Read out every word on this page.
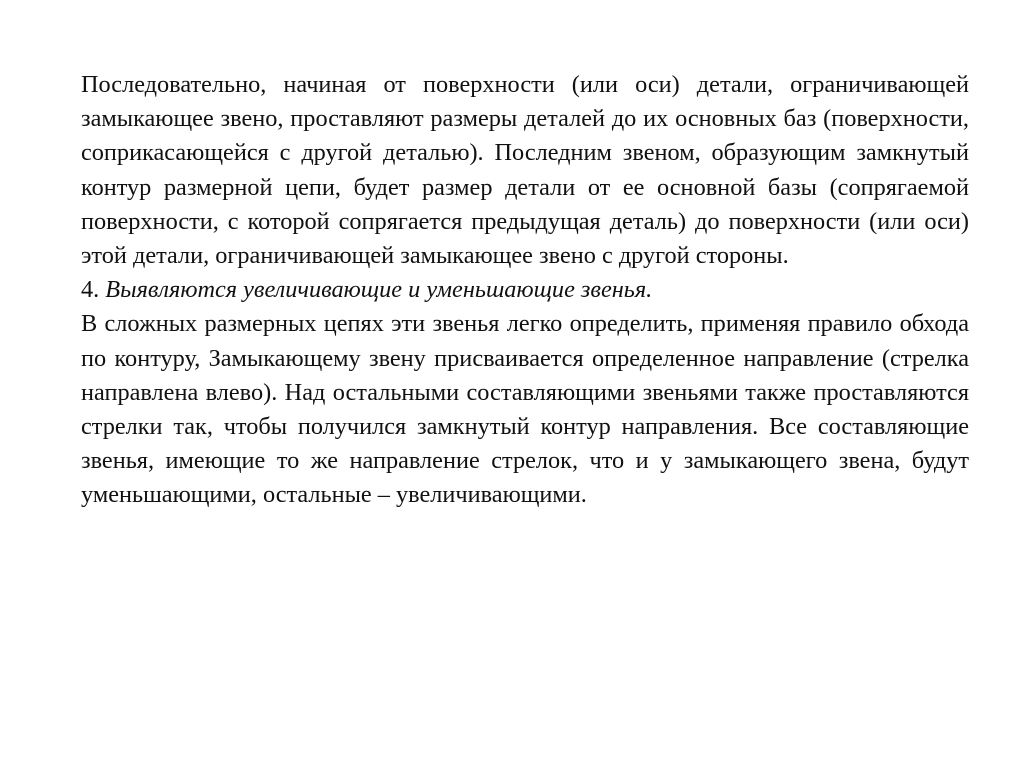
Последовательно, начиная от поверхности (или оси) детали, ограничивающей замыкающее звено, проставляют размеры деталей до их основных баз (поверхности, соприкасающейся с другой деталью). Последним звеном, образующим замкнутый контур размерной цепи, будет размер детали от ее основной базы (сопрягаемой поверхности, с которой сопрягается предыдущая деталь) до поверхности (или оси) этой детали, ограничивающей замыкающее звено с другой стороны.

4. Выявляются увеличивающие и уменьшающие звенья.

В сложных размерных цепях эти звенья легко определить, применяя правило обхода по контуру, Замыкающему звену присваивается определенное направление (стрелка направлена влево). Над остальными составляющими звеньями также проставляются стрелки так, чтобы получился замкнутый контур направления. Все составляющие звенья, имеющие то же направление стрелок, что и у замыкающего звена, будут уменьшающими, остальные – увеличивающими.
